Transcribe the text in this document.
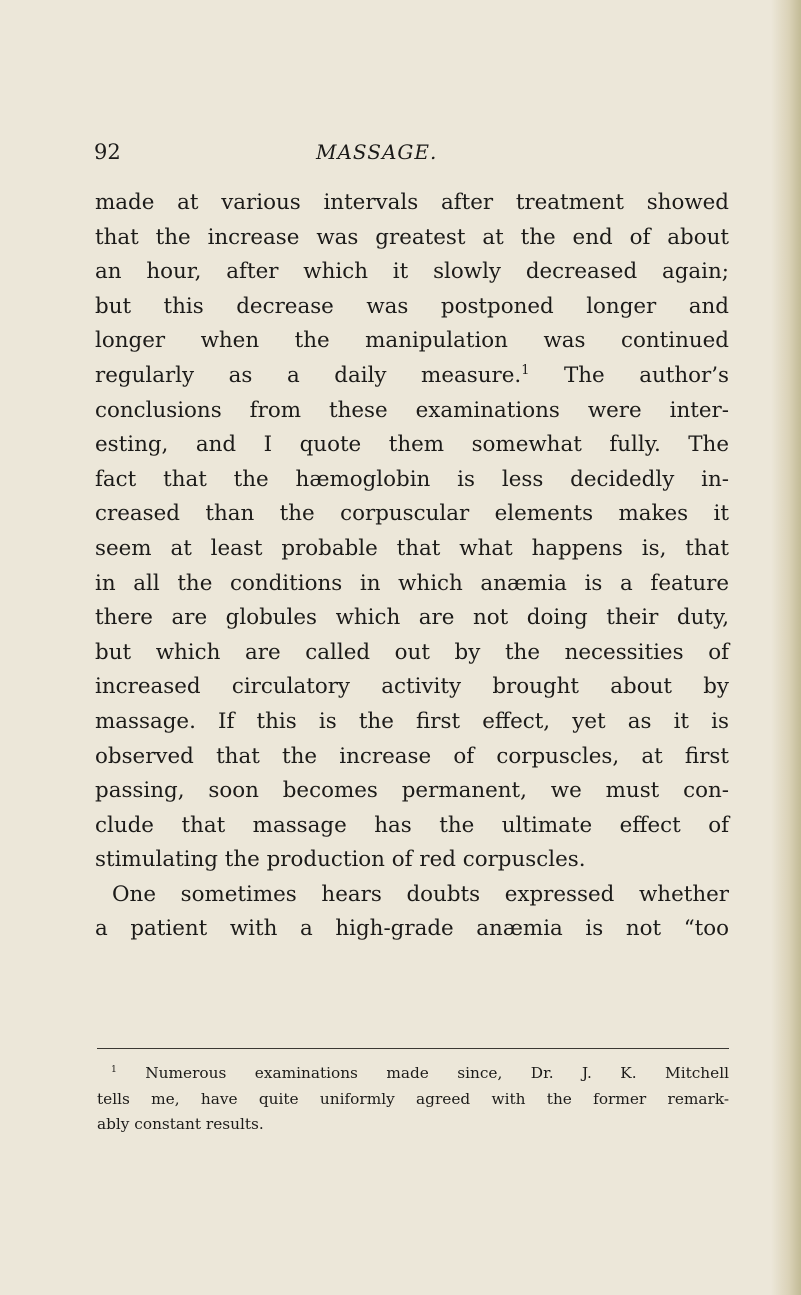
92	MASSAGE.
made at various intervals after treatment showed
that the increase was greatest at the end of about
an hour, after which it slowly decreased again;
but this decrease was postponed longer and
longer when the manipulation was continued
regularly as a daily measure.$^1$ The author’s
conclusions from these examinations were inter-
esting, and I quote them somewhat fully. The
fact that the hæmoglobin is less decidedly in-
creased than the corpuscular elements makes it
seem at least probable that what happens is, that
in all the conditions in which anæmia is a feature
there are globules which are not doing their duty,
but which are called out by the necessities of
increased circulatory activity brought about by
massage. If this is the first effect, yet as it is
observed that the increase of corpuscles, at first
passing, soon becomes permanent, we must con-
clude that massage has the ultimate effect of
stimulating the production of red corpuscles.
One sometimes hears doubts expressed whether
a patient with a high-grade anæmia is not “too
$^1$ Numerous examinations made since, Dr. J. K. Mitchell
tells me, have quite uniformly agreed with the former remark-
ably constant results.
